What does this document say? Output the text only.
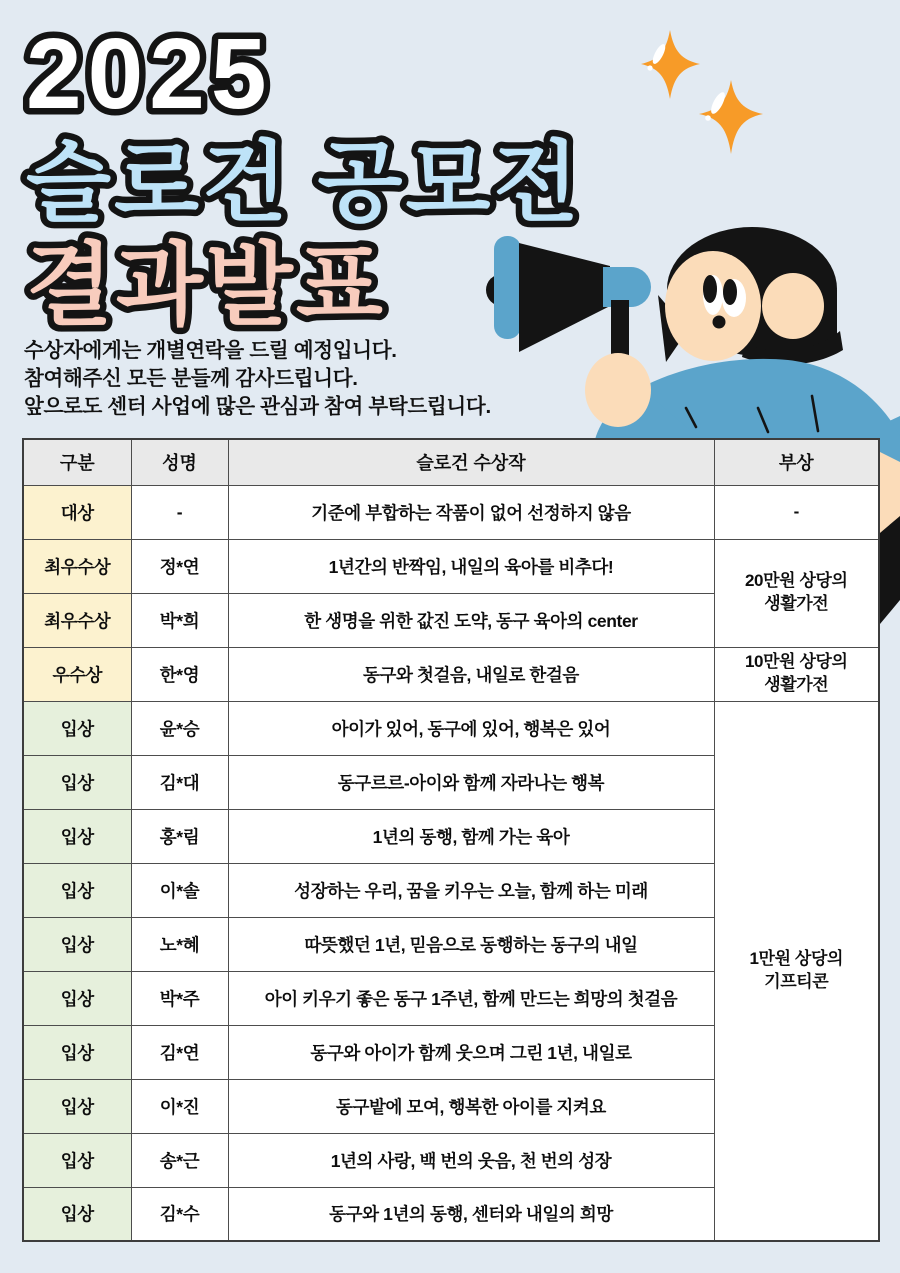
2025
슬로건 공모전
결과발표

수상자에게는 개별연락을 드릴 예정입니다.

참여해주신 모든 분들께 감사드립니다.

앞으로도 센터 사업에 많은 관심과 참여 부탁드립니다.

구분	성명	슬로건 수상작	부상
대상	-	기준에 부합하는 작품이 없어 선정하지 않음	-

최우수상	정*연	1년간의 반짝임, 내일의 육아를 비추다!	20만원 상당의
생활가전

최우수상	박*희	한 생명을 위한 값진 도약, 동구 육아의 center	
우수상	한*영	동구와 첫걸음, 내일로 한걸음	10만원 상당의
생활가전

입상	윤*승	아이가 있어, 동구에 있어, 행복은 있어	1만원 상당의
기프티콘

입상	김*대	동구르르-아이와 함께 자라나는 행복	
입상	홍*림	1년의 동행, 함께 가는 육아	
입상	이*솔	성장하는 우리, 꿈을 키우는 오늘, 함께 하는 미래	
입상	노*혜	따뜻했던 1년, 믿음으로 동행하는 동구의 내일	
입상	박*주	아이 키우기 좋은 동구 1주년, 함께 만드는 희망의 첫걸음	
입상	김*연	동구와 아이가 함께 웃으며 그린 1년, 내일로	
입상	이*진	동구밭에 모여, 행복한 아이를 지켜요	
입상	송*근	1년의 사랑, 백 번의 웃음, 천 번의 성장	
입상	김*수	동구와 1년의 동행, 센터와 내일의 희망	
